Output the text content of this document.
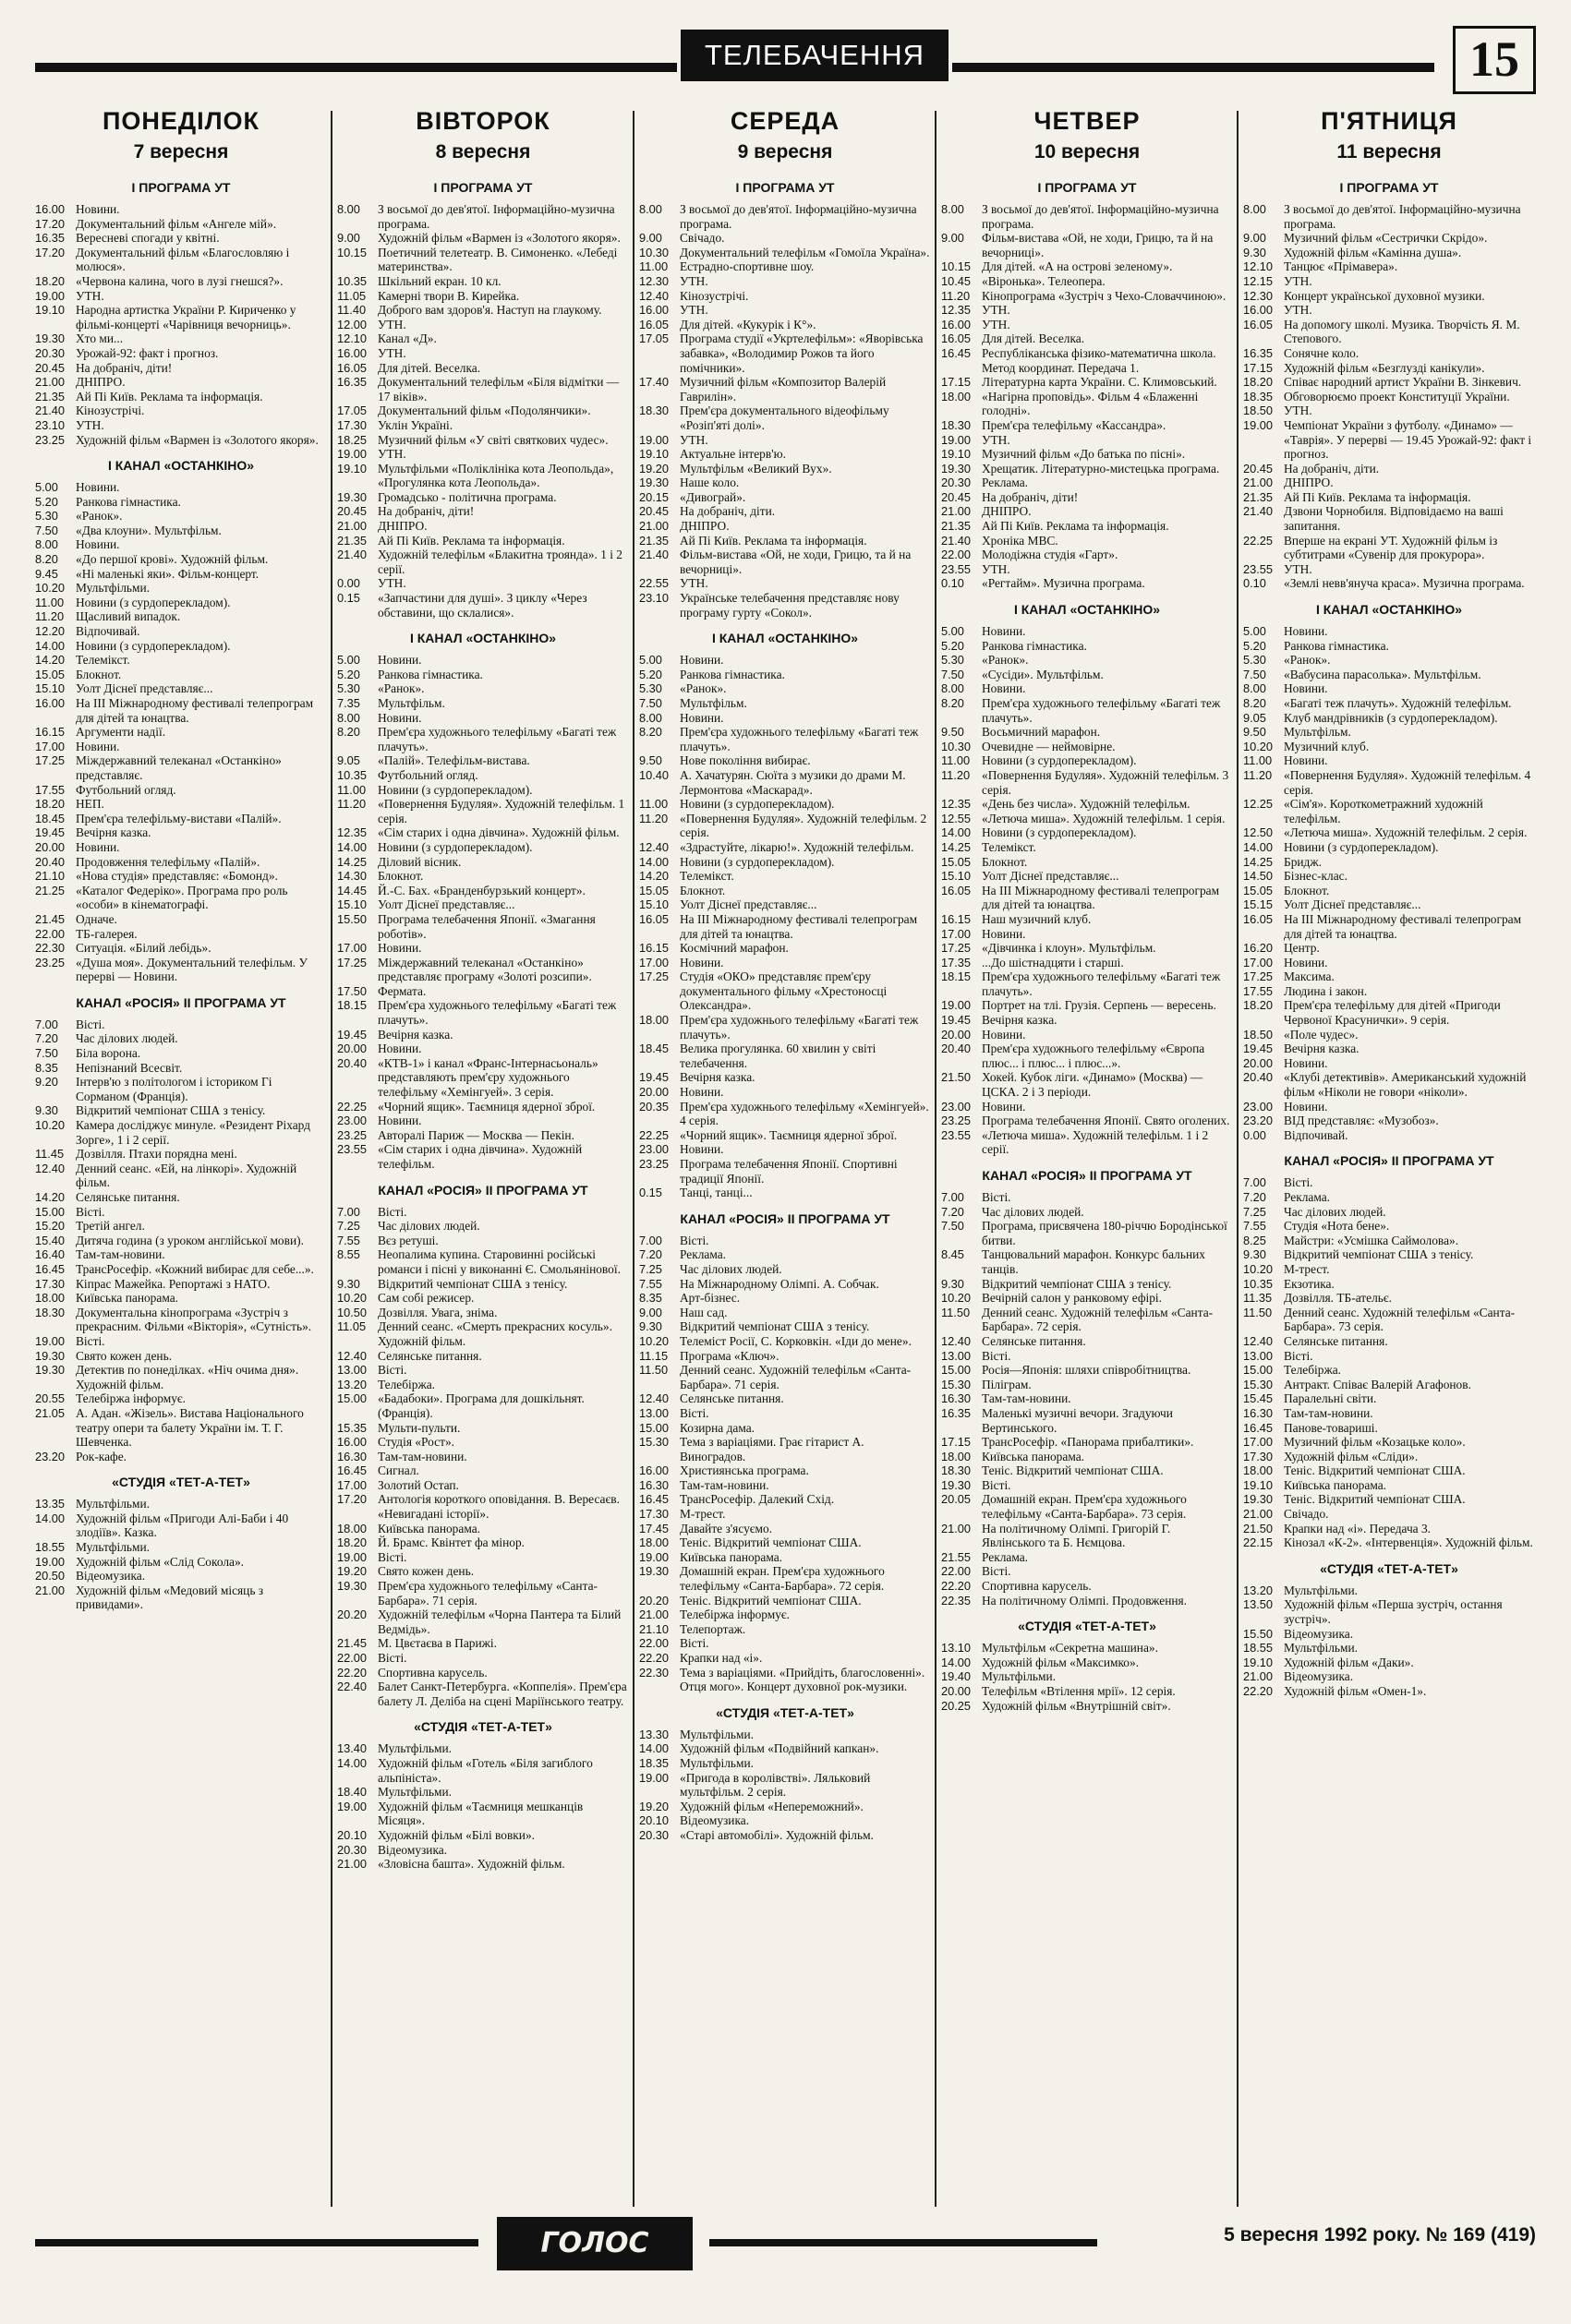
ТЕЛЕБАЧЕННЯ	15
ПОНЕДІЛОК
7 вересня
І ПРОГРАМА УТ
16.00 Новини.
17.20 Документальний фільм «Ангеле мій».
16.35 Вересневі спогади у квітні.
17.20 Документальний фільм «Благословляю і молюся».
18.20 «Червона калина, чого в лузі гнешся?».
19.00 УТН.
19.10 Народна артистка України Р. Кириченко у фільмі-концерті «Чарівниця вечорниць».
19.30 Хто ми...
20.30 Урожай-92: факт і прогноз.
20.45 На добраніч, діти!
21.00 ДНІПРО.
21.35 Ай Пі Київ. Реклама та інформація.
21.40 Кінозустрічі.
23.10 УТН.
23.25 Художній фільм «Вармен із «Золотого якоря».
І КАНАЛ «ОСТАНКІНО»
5.00	Новини.
5.20	Ранкова гімнастика.
5.30	«Ранок».
7.50	«Два клоуни». Мультфільм.
8.00	Новини.
8.20	«До першої крові». Художній фільм.
9.45	«Ні маленькі яки». Фільм-концерт.
10.20 Мультфільми.
11.00 Новини (з сурдоперекладом).
11.20 Щасливий випадок.
12.20 Відпочивай.
14.00 Новини (з сурдоперекладом).
14.20 Телемікст.
15.05 Блокнот.
15.10 Уолт Діснеї представляє...
16.00 На ІІІ Міжнародному фестивалі телепрограм для дітей та юнацтва.
16.15 Аргументи надії.
17.00 Новини.
17.25 Міждержавний телеканал «Останкіно» представляє.
17.55 Футбольний огляд.
18.20 НЕП.
18.45 Прем'єра телефільму-вистави «Палій».
19.45 Вечірня казка.
20.00 Новини.
20.40 Продовження телефільму «Палій».
21.10 «Нова студія» представляє: «Бомонд».
21.25 «Каталог Федеріко». Програма про роль «особи» в кінематографі.
21.45 Одначе.
22.00 ТБ-галерея.
22.30 Ситуація. «Білий лебідь».
23.25 «Душа моя». Документальний телефільм. У перерві — Новини.
КАНАЛ «РОСІЯ» ІІ ПРОГРАМА УТ
7.00	Вісті.
7.20	Час ділових людей.
7.50	Біла ворона.
8.35	Непізнаний Всесвіт.
9.20	Інтерв'ю з політологом і істориком Гі Сорманом (Франція).
9.30	Відкритий чемпіонат США з тенісу.
10.20 Камера досліджує минуле. «Резидент Ріхард Зорге», 1 і 2 серії.
11.45 Дозвілля. Птахи порядна мені.
12.40 Денний сеанс. «Ей, на лінкорі». Художній фільм.
14.20 Селянське питання.
15.00 Вісті.
15.20 Третій ангел.
15.40 Дитяча година (з уроком англійської мови).
16.40 Там-там-новини.
16.45 ТрансРосефір. «Кожний вибирає для себе...».
17.30 Кіпрас Мажейка. Репортажі з НАТО.
18.00 Київська панорама.
18.30 Документальна кінопрограма «Зустріч з прекрасним. Фільми «Вікторія», «Сутність».
19.00 Вісті.
19.30 Свято кожен день.
19.30 Детектив по понеділках. «Ніч очима дня». Художній фільм.
20.55 Телебіржа інформує.
21.05 А. Адан. «Жізель». Вистава Національного театру опери та балету України ім. Т. Г. Шевченка.
23.20 Рок-кафе.
«СТУДІЯ «ТЕТ-А-ТЕТ»
13.35 Мультфільми.
14.00 Художній фільм «Пригоди Алі-Баби і 40 злодіїв». Казка.
18.55 Мультфільми.
19.00 Художній фільм «Слід Сокола».
20.50 Відеомузика.
21.00 Художній фільм «Медовий місяць з привидами».
ВІВТОРОК
8 вересня
І ПРОГРАМА УТ
8.00	З восьмої до дев'ятої. Інформаційно-музична програма.
9.00	Художній фільм «Вармен із «Золотого якоря».
10.15 Поетичний телетеатр. В. Симоненко. «Лебеді материнства».
10.35 Шкільний екран. 10 кл.
11.05 Камерні твори В. Кирейка.
11.40 Доброго вам здоров'я. Наступ на глаукому.
12.00 УТН.
12.10 Канал «Д».
16.00 УТН.
16.05 Для дітей. Веселка.
16.35 Документальний телефільм «Біля відмітки — 17 віків».
17.05 Документальний фільм «Подолянчики».
17.30 Уклін Україні.
18.25 Музичний фільм «У світі святкових чудес».
19.00 УТН.
19.10 Мультфільми «Поліклініка кота Леопольда», «Прогулянка кота Леопольда».
19.30 Громадсько - політична програма.
20.45 На добраніч, діти!
21.00 ДНІПРО.
21.35 Ай Пі Київ. Реклама та інформація.
21.40 Художній телефільм «Блакитна троянда». 1 і 2 серії.
0.00	УТН.
0.15	«Запчастини для душі». З циклу «Через обставини, що склалися».
І КАНАЛ «ОСТАНКІНО»
5.00	Новини.
5.20	Ранкова гімнастика.
5.30	«Ранок».
7.35	Мультфільм.
8.00	Новини.
8.20	Прем'єра художнього телефільму «Багаті теж плачуть».
9.05	«Палій». Телефільм-вистава.
10.35 Футбольний огляд.
11.00 Новини (з сурдоперекладом).
11.20 «Повернення Будуляя». Художній телефільм. 1 серія.
12.35 «Сім старих і одна дівчина». Художній фільм.
14.00 Новини (з сурдоперекладом).
14.25 Діловий вісник.
14.30 Блокнот.
14.45 Й.-С. Бах. «Бранденбурзький концерт».
15.10 Уолт Діснеї представляє...
15.50 Програма телебачення Японії. «Змагання роботів».
17.00 Новини.
17.25 Міждержавний телеканал «Останкіно» представляє програму «Золоті розсипи».
17.50 Фермата.
18.15 Прем'єра художнього телефільму «Багаті теж плачуть».
19.45 Вечірня казка.
20.00 Новини.
20.40 «КТВ-1» і канал «Франс-Інтернасьональ» представляють прем'єру художнього телефільму «Хемінгуей». 3 серія.
22.25 «Чорний ящик». Таємниця ядерної зброї.
23.00 Новини.
23.25 Авторалі Париж — Москва — Пекін.
23.55 «Сім старих і одна дівчина». Художній телефільм.
КАНАЛ «РОСІЯ» ІІ ПРОГРАМА УТ
7.00	Вісті.
7.25	Час ділових людей.
7.55	Вєз ретуші.
8.55	Неопалима купина. Старовинні російські романси і пісні у виконанні Є. Смольянінової.
9.30	Відкритий чемпіонат США з тенісу.
10.20 Сам собі режисер.
10.50 Дозвілля. Увага, зніма.
11.05 Денний сеанс. «Смерть прекрасних косуль». Художній фільм.
12.40 Селянське питання.
13.00 Вісті.
13.20 Телебіржа.
15.00 «Бадабоки». Програма для дошкільнят. (Франція).
15.35 Мульти-пульти.
16.00 Студія «Рост».
16.30 Там-там-новини.
16.45 Сигнал.
17.00 Золотий Остап.
17.20 Антологія короткого оповідання. В. Вересаєв. «Невигадані історії».
18.00 Київська панорама.
18.20 Й. Брамс. Квінтет фа мінор.
19.00 Вісті.
19.20 Свято кожен день.
19.30 Прем'єра художнього телефільму «Санта-Барбара». 71 серія.
20.20 Художній телефільм «Чорна Пантера та Білий Ведмідь».
21.45 М. Цвєтаєва в Парижі.
22.00 Вісті.
22.20 Спортивна карусель.
22.40 Балет Санкт-Петербурга. «Коппелія». Прем'єра балету Л. Деліба на сцені Маріїнського театру.
«СТУДІЯ «ТЕТ-А-ТЕТ»
13.40 Мультфільми.
14.00 Художній фільм «Готель «Біля загиблого альпініста».
18.40 Мультфільми.
19.00 Художній фільм «Таємниця мешканців Місяця».
20.10 Художній фільм «Білі вовки».
20.30 Відеомузика.
21.00 «Зловісна башта». Художній фільм.
СЕРЕДА
9 вересня
І ПРОГРАМА УТ
8.00	З восьмої до дев'ятої. Інформаційно-музична програма.
9.00	Свічадо.
10.30 Документальний телефільм «Гомоїла Україна».
11.00 Естрадно-спортивне шоу.
12.30 УТН.
12.40 Кінозустрічі.
16.00 УТН.
16.05 Для дітей. «Кукурік і К°».
17.05 Програма студії «Укртелефільм»: «Яворівська забавка», «Володимир Рожов та його помічники».
17.40 Музичний фільм «Композитор Валерій Гаврилін».
18.30 Прем'єра документального відеофільму «Розіп'яті долі».
19.00 УТН.
19.10 Актуальне інтерв'ю.
19.20 Мультфільм «Великий Вух».
19.30 Наше коло.
20.15 «Дивограй».
20.45 На добраніч, діти.
21.00 ДНІПРО.
21.35 Ай Пі Київ. Реклама та інформація.
21.40 Фільм-вистава «Ой, не ходи, Грицю, та й на вечорниці».
22.55 УТН.
23.10 Українське телебачення представляє нову програму гурту «Сокол».
І КАНАЛ «ОСТАНКІНО»
5.00	Новини.
5.20	Ранкова гімнастика.
5.30	«Ранок».
7.50	Мультфільм.
8.00	Новини.
8.20	Прем'єра художнього телефільму «Багаті теж плачуть».
9.50	Нове покоління вибирає.
10.40 А. Хачатурян. Сюїта з музики до драми М. Лермонтова «Маскарад».
11.00 Новини (з сурдоперекладом).
11.20 «Повернення Будуляя». Художній телефільм. 2 серія.
12.40 «Здрастуйте, лікарю!». Художній телефільм.
14.00 Новини (з сурдоперекладом).
14.20 Телемікст.
15.05 Блокнот.
15.10 Уолт Діснеї представляє...
16.05 На ІІІ Міжнародному фестивалі телепрограм для дітей та юнацтва.
16.15 Космічний марафон.
17.00 Новини.
17.25 Студія «ОКО» представляє прем'єру документального фільму «Хрестоносці Олександра».
18.00 Прем'єра художнього телефільму «Багаті теж плачуть».
18.45 Велика прогулянка. 60 хвилин у світі телебачення.
19.45 Вечірня казка.
20.00 Новини.
20.35 Прем'єра художнього телефільму «Хемінгуей». 4 серія.
22.25 «Чорний ящик». Таємниця ядерної зброї.
23.00 Новини.
23.25 Програма телебачення Японії. Спортивні традиції Японії.
0.15	Танці, танці...
КАНАЛ «РОСІЯ» ІІ ПРОГРАМА УТ
7.00	Вісті.
7.20	Реклама.
7.25	Час ділових людей.
7.55	На Міжнародному Олімпі. А. Собчак.
8.35	Арт-бізнес.
9.00	Наш сад.
9.30	Відкритий чемпіонат США з тенісу.
10.20 Телеміст Росії, С. Корковкін. «Іди до мене».
11.15 Програма «Ключ».
11.50 Денний сеанс. Художній телефільм «Санта-Барбара». 71 серія.
12.40 Селянське питання.
13.00 Вісті.
15.00 Козирна дама.
15.30 Тема з варіаціями. Грає гітарист А. Виноградов.
16.00 Християнська програма.
16.30 Там-там-новини.
16.45 ТрансРосефір. Далекий Схід.
17.30 М-трест.
17.45 Давайте з'ясуємо.
18.00 Теніс. Відкритий чемпіонат США.
19.00 Київська панорама.
19.30 Домашній екран. Прем'єра художнього телефільму «Санта-Барбара». 72 серія.
20.20 Теніс. Відкритий чемпіонат США.
21.00 Телебіржа інформує.
21.10 Телепортаж.
22.00 Вісті.
22.20 Крапки над «і».
22.30 Тема з варіаціями. «Прийдіть, благословенні». Отця мого». Концерт духовної рок-музики.
«СТУДІЯ «ТЕТ-А-ТЕТ»
13.30 Мультфільми.
14.00 Художній фільм «Подвійний капкан».
18.35 Мультфільми.
19.00 «Пригода в королівстві». Ляльковий мультфільм. 2 серія.
19.20 Художній фільм «Непереможний».
20.10 Відеомузика.
20.30 «Старі автомобілі». Художній фільм.
ЧЕТВЕР
10 вересня
І ПРОГРАМА УТ
8.00	З восьмої до дев'ятої. Інформаційно-музична програма.
9.00	Фільм-вистава «Ой, не ходи, Грицю, та й на вечорниці».
10.15 Для дітей. «А на острові зеленому».
10.45 «Віронька». Телеопера.
11.20 Кінопрограма «Зустріч з Чехо-Словаччиною».
12.35 УТН.
16.00 УТН.
16.05 Для дітей. Веселка.
16.45 Республіканська фізико-математична школа. Метод координат. Передача 1.
17.15 Літературна карта України. С. Климовський.
18.00 «Нагірна проповідь». Фільм 4 «Блаженні голодні».
18.30 Прем'єра телефільму «Кассандра».
19.00 УТН.
19.10 Музичний фільм «До батька по пісні».
19.30 Хрещатик. Літературно-мистецька програма.
20.30 Реклама.
20.45 На добраніч, діти!
21.00 ДНІПРО.
21.35 Ай Пі Київ. Реклама та інформація.
21.40 Хроніка МВС.
22.00 Молодіжна студія «Гарт».
23.55 УТН.
0.10	«Регтайм». Музична програма.
І КАНАЛ «ОСТАНКІНО»
5.00	Новини.
5.20	Ранкова гімнастика.
5.30	«Ранок».
7.50	«Сусіди». Мультфільм.
8.00	Новини.
8.20	Прем'єра художнього телефільму «Багаті теж плачуть».
9.50	Восьмичний марафон.
10.30 Очевидне — неймовірне.
11.00 Новини (з сурдоперекладом).
11.20 «Повернення Будуляя». Художній телефільм. 3 серія.
12.35 «День без числа». Художній телефільм.
12.55 «Летюча миша». Художній телефільм. 1 серія.
14.00 Новини (з сурдоперекладом).
14.25 Телемікст.
15.05 Блокнот.
15.10 Уолт Діснеї представляє...
16.05 На ІІІ Міжнародному фестивалі телепрограм для дітей та юнацтва.
16.15 Наш музичний клуб.
17.00 Новини.
17.25 «Дівчинка і клоун». Мультфільм.
17.35 ...До шістнадцяти і старші.
18.15 Прем'єра художнього телефільму «Багаті теж плачуть».
19.00 Портрет на тлі. Грузія. Серпень — вересень.
19.45 Вечірня казка.
20.00 Новини.
20.40 Прем'єра художнього телефільму «Європа плюс... і плюс... і плюс...».
21.50 Хокей. Кубок ліги. «Динамо» (Москва) — ЦСКА. 2 і 3 періоди.
23.00 Новини.
23.25 Програма телебачення Японії. Свято оголених.
23.55 «Летюча миша». Художній телефільм. 1 і 2 серії.
КАНАЛ «РОСІЯ» ІІ ПРОГРАМА УТ
7.00	Вісті.
7.20	Час ділових людей.
7.50	Програма, присвячена 180-річчю Бородінської битви.
8.45	Танцювальний марафон. Конкурс бальних танців.
9.30	Відкритий чемпіонат США з тенісу.
10.20 Вечірній салон у ранковому ефірі.
11.50 Денний сеанс. Художній телефільм «Санта-Барбара». 72 серія.
12.40 Селянське питання.
13.00 Вісті.
15.00 Росія—Японія: шляхи співробітництва.
15.30 Піліграм.
16.30 Там-там-новини.
16.35 Маленькі музичні вечори. Згадуючи Вертинського.
17.15 ТрансРосефір. «Панорама прибалтики».
18.00 Київська панорама.
18.30 Теніс. Відкритий чемпіонат США.
19.30 Вісті.
20.05 Домашній екран. Прем'єра художнього телефільму «Санта-Барбара». 73 серія.
21.00 На політичному Олімпі. Григорій Г. Явлінського та Б. Нємцова.
21.55 Реклама.
22.00 Вісті.
22.20 Спортивна карусель.
22.35 На політичному Олімпі. Продовження.
«СТУДІЯ «ТЕТ-А-ТЕТ»
13.10 Мультфільм «Секретна машина».
14.00 Художній фільм «Максимко».
19.40 Мультфільми.
20.00 Телефільм «Втілення мрії». 12 серія.
20.25 Художній фільм «Внутрішній світ».
П'ЯТНИЦЯ
11 вересня
І ПРОГРАМА УТ
8.00	З восьмої до дев'ятої. Інформаційно-музична програма.
9.00	Музичний фільм «Сестрички Скрідо».
9.30	Художній фільм «Камінна душа».
12.10 Танцює «Прімавера».
12.15 УТН.
12.30 Концерт української духовної музики.
16.00 УТН.
16.05 На допомогу школі. Музика. Творчість Я. М. Степового.
16.35 Сонячне коло.
17.15 Художній фільм «Безглузді канікули».
18.20 Співає народний артист України В. Зінкевич.
18.35 Обговорюємо проект Конституції України.
18.50 УТН.
19.00 Чемпіонат України з футболу. «Динамо» — «Таврія». У перерві — 19.45 Урожай-92: факт і прогноз.
20.45 На добраніч, діти.
21.00 ДНІПРО.
21.35 Ай Пі Київ. Реклама та інформація.
21.40 Дзвони Чорнобиля. Відповідаємо на ваші запитання.
22.25 Вперше на екрані УТ. Художній фільм із субтитрами «Сувенір для прокурора».
23.55 УТН.
0.10	«Землі невв'януча краса». Музична програма.
І КАНАЛ «ОСТАНКІНО»
5.00	Новини.
5.20	Ранкова гімнастика.
5.30	«Ранок».
7.50	«Вабусина парасолька». Мультфільм.
8.00	Новини.
8.20	«Багаті теж плачуть». Художній телефільм.
9.05	Клуб мандрівників (з сурдоперекладом).
9.50	Мультфільм.
10.20 Музичний клуб.
11.00 Новини.
11.20 «Повернення Будуляя». Художній телефільм. 4 серія.
12.25 «Сім'я». Короткометражний художній телефільм.
12.50 «Летюча миша». Художній телефільм. 2 серія.
14.00 Новини (з сурдоперекладом).
14.25 Бридж.
14.50 Бізнес-клас.
15.05 Блокнот.
15.15 Уолт Діснеї представляє...
16.05 На ІІІ Міжнародному фестивалі телепрограм для дітей та юнацтва.
16.20 Центр.
17.00 Новини.
17.25 Максима.
17.55 Людина і закон.
18.20 Прем'єра телефільму для дітей «Пригоди Червоної Красунички». 9 серія.
18.50 «Поле чудес».
19.45 Вечірня казка.
20.00 Новини.
20.40 «Клубі детективів». Американський художній фільм «Ніколи не говори «ніколи».
23.00 Новини.
23.20 ВІД представляє: «Музобоз».
0.00	Відпочивай.
КАНАЛ «РОСІЯ» ІІ ПРОГРАМА УТ
7.00	Вісті.
7.20	Реклама.
7.25	Час ділових людей.
7.55	Студія «Нота бене».
8.25	Майстри: «Усмішка Саймолова».
9.30	Відкритий чемпіонат США з тенісу.
10.20 М-трест.
10.35 Екзотика.
11.35 Дозвілля. ТБ-ательє.
11.50 Денний сеанс. Художній телефільм «Санта-Барбара». 73 серія.
12.40 Селянське питання.
13.00 Вісті.
15.00 Телебіржа.
15.30 Антракт. Співає Валерій Агафонов.
15.45 Паралельні світи.
16.30 Там-там-новини.
16.45 Панове-товариші.
17.00 Музичний фільм «Козацьке коло».
17.30 Художній фільм «Сліди».
18.00 Теніс. Відкритий чемпіонат США.
19.10 Київська панорама.
19.30 Теніс. Відкритий чемпіонат США.
21.00 Свічадо.
21.50 Крапки над «і». Передача 3.
22.15 Кінозал «К-2». «Інтервенція». Художній фільм.
«СТУДІЯ «ТЕТ-А-ТЕТ»
13.20 Мультфільми.
13.50 Художній фільм «Перша зустріч, остання зустріч».
15.50 Відеомузика.
18.55 Мультфільми.
19.10 Художній фільм «Даки».
21.00 Відеомузика.
22.20 Художній фільм «Омен-1».
ГОЛОС України
5 вересня 1992 року. № 169 (419)
